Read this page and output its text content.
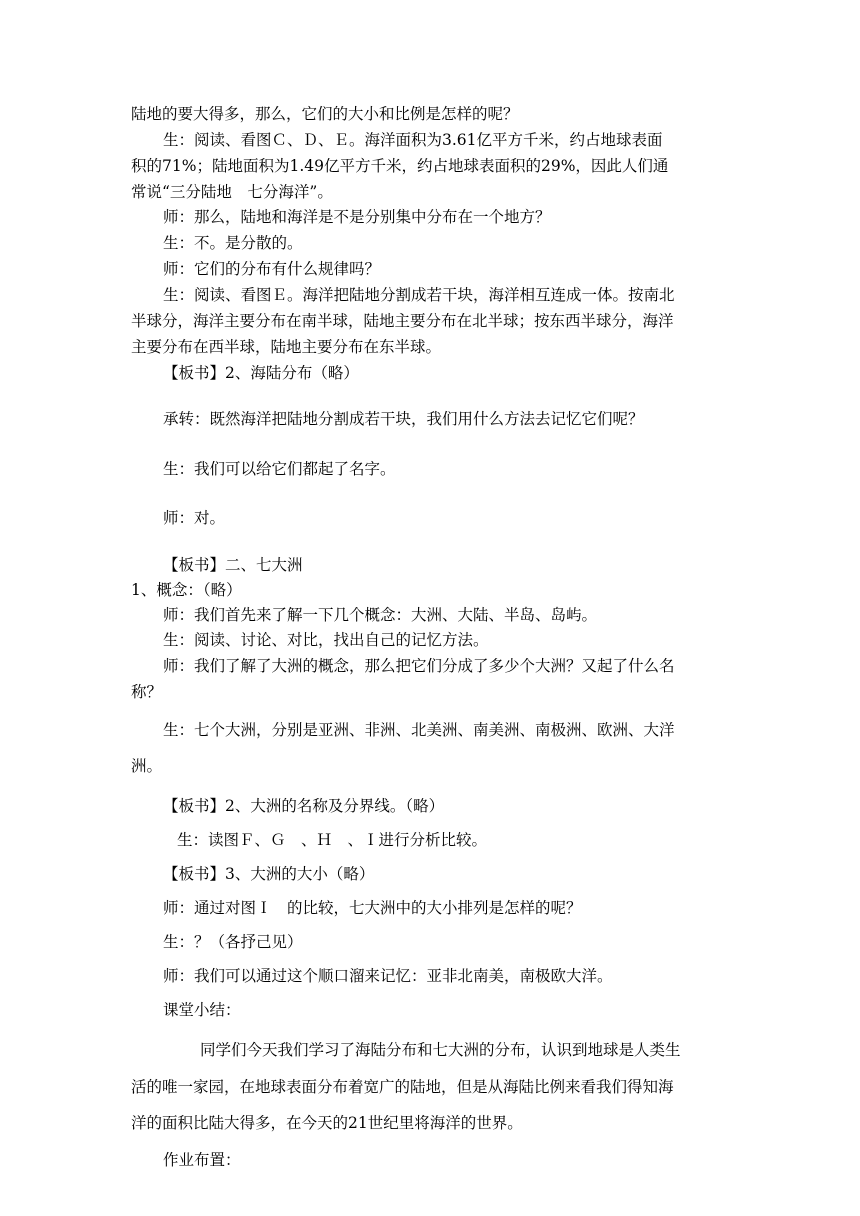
陆地的要大得多，那么，它们的大小和比例是怎样的呢？

生：阅读、看图Ｃ、Ｄ、Ｅ。海洋面积为3.61亿平方千米，约占地球表面

积的71%；陆地面积为1.49亿平方千米，约占地球表面积的29%，因此人们通

常说“三分陆地　七分海洋”。

师：那么，陆地和海洋是不是分别集中分布在一个地方？

生：不。是分散的。

师：它们的分布有什么规律吗？

生：阅读、看图Ｅ。海洋把陆地分割成若干块，海洋相互连成一体。按南北

半球分，海洋主要分布在南半球，陆地主要分布在北半球；按东西半球分，海洋

主要分布在西半球，陆地主要分布在东半球。

【板书】2、海陆分布（略）

承转：既然海洋把陆地分割成若干块，我们用什么方法去记忆它们呢？

生：我们可以给它们都起了名字。

师：对。

【板书】二、七大洲

1、概念：（略）

师：我们首先来了解一下几个概念：大洲、大陆、半岛、岛屿。

生：阅读、讨论、对比，找出自己的记忆方法。

师：我们了解了大洲的概念，那么把它们分成了多少个大洲？又起了什么名

称？

生：七个大洲，分别是亚洲、非洲、北美洲、南美洲、南极洲、欧洲、大洋

洲。

【板书】2、大洲的名称及分界线。（略）

生：读图Ｆ、Ｇ　、Ｈ　、Ｉ进行分析比较。

【板书】3、大洲的大小（略）

师：通过对图Ｉ　的比较，七大洲中的大小排列是怎样的呢？

生：？（各抒己见）

师：我们可以通过这个顺口溜来记忆：亚非北南美，南极欧大洋。

课堂小结：

同学们今天我们学习了海陆分布和七大洲的分布，认识到地球是人类生

活的唯一家园，在地球表面分布着宽广的陆地，但是从海陆比例来看我们得知海

洋的面积比陆大得多，在今天的21世纪里将海洋的世界。

作业布置：
